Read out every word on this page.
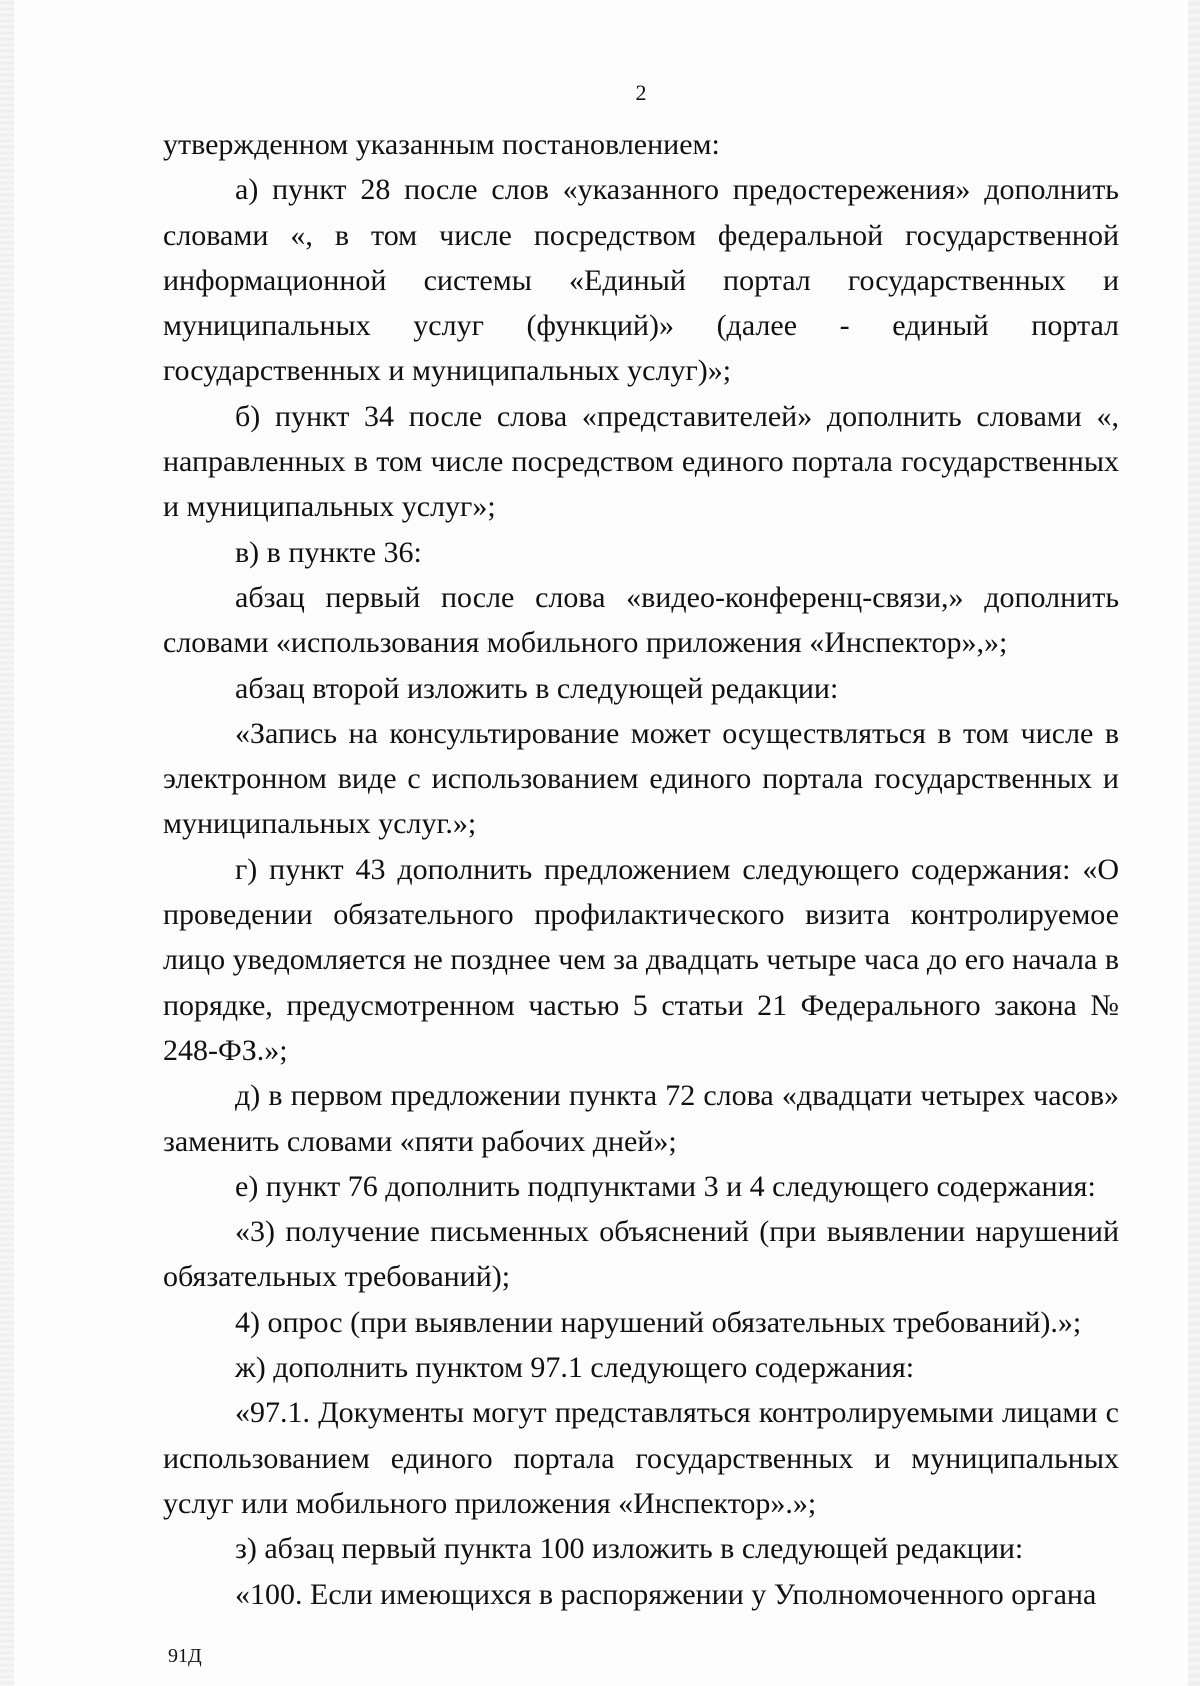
2

утвержденном указанным постановлением:

а) пункт 28 после слов «указанного предостережения» дополнить словами «, в том числе посредством федеральной государственной информационной системы «Единый портал государственных и муниципальных услуг (функций)» (далее - единый портал государственных и муниципальных услуг)»;

б) пункт 34 после слова «представителей» дополнить словами «, направленных в том числе посредством единого портала государственных и муниципальных услуг»;

в) в пункте 36:

абзац первый после слова «видео-конференц-связи,» дополнить словами «использования мобильного приложения «Инспектор»,»;

абзац второй изложить в следующей редакции:

«Запись на консультирование может осуществляться в том числе в электронном виде с использованием единого портала государственных и муниципальных услуг.»;

г) пункт 43 дополнить предложением следующего содержания: «О проведении обязательного профилактического визита контролируемое лицо уведомляется не позднее чем за двадцать четыре часа до его начала в порядке, предусмотренном частью 5 статьи 21 Федерального закона № 248-ФЗ.»;

д) в первом предложении пункта 72 слова «двадцати четырех часов» заменить словами «пяти рабочих дней»;

е) пункт 76 дополнить подпунктами 3 и 4 следующего содержания:

«3) получение письменных объяснений (при выявлении нарушений обязательных требований);

4) опрос (при выявлении нарушений обязательных требований).»;

ж) дополнить пунктом 97.1 следующего содержания:

«97.1. Документы могут представляться контролируемыми лицами с использованием единого портала государственных и муниципальных услуг или мобильного приложения «Инспектор».»;

з) абзац первый пункта 100 изложить в следующей редакции:

«100. Если имеющихся в распоряжении у Уполномоченного органа

91Д
